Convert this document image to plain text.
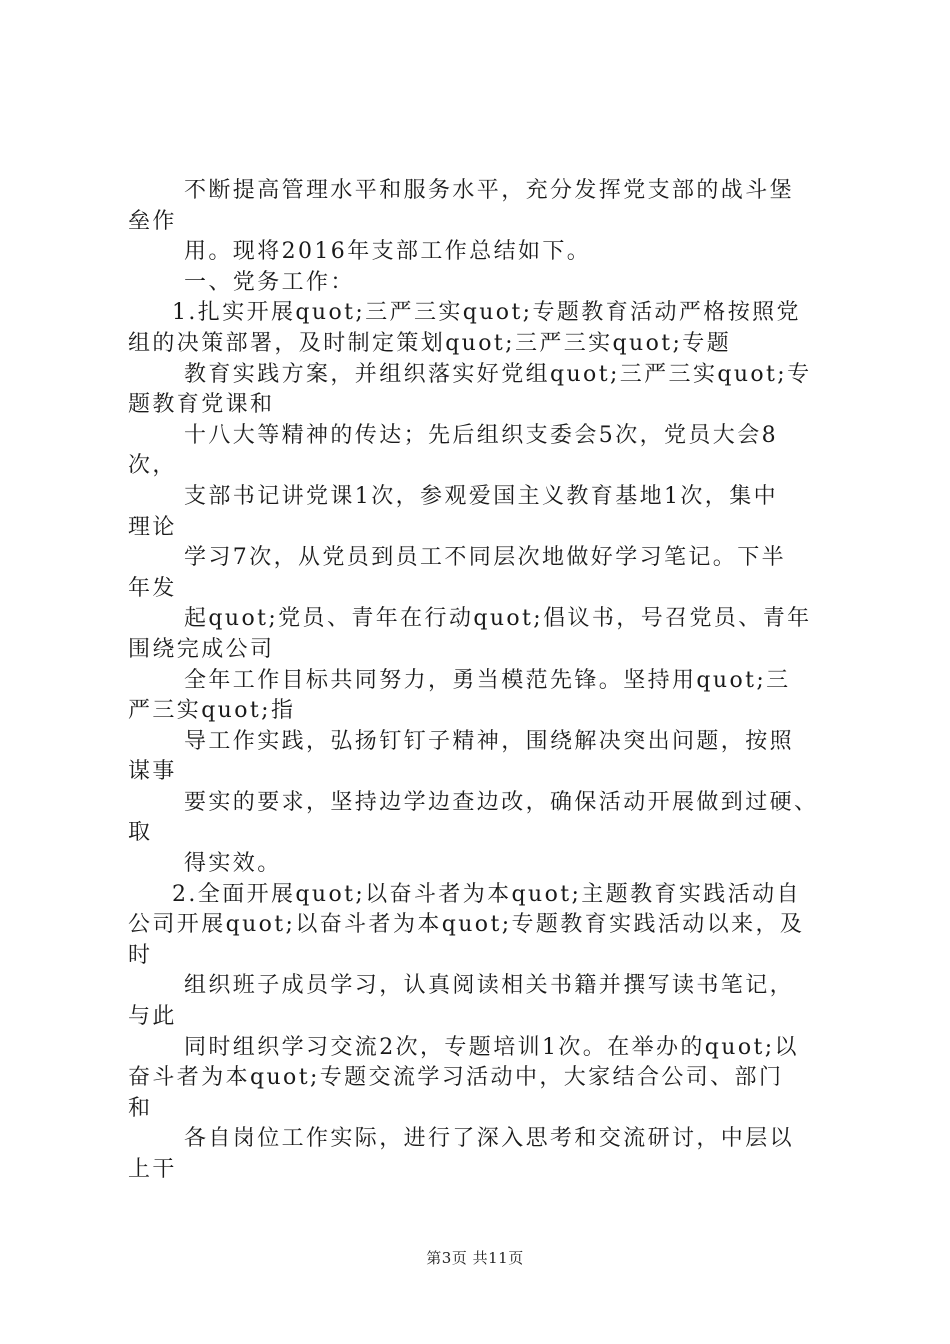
不断提高管理水平和服务水平，充分发挥党支部的战斗堡

垒作

用。现将2016年支部工作总结如下。

一、党务工作：

1.扎实开展quot;三严三实quot;专题教育活动严格按照党

组的决策部署，及时制定策划quot;三严三实quot;专题

教育实践方案，并组织落实好党组quot;三严三实quot;专

题教育党课和

十八大等精神的传达；先后组织支委会5次，党员大会8

次，

支部书记讲党课1次，参观爱国主义教育基地1次，集中

理论

学习7次，从党员到员工不同层次地做好学习笔记。下半

年发

起quot;党员、青年在行动quot;倡议书，号召党员、青年

围绕完成公司

全年工作目标共同努力，勇当模范先锋。坚持用quot;三

严三实quot;指

导工作实践，弘扬钉钉子精神，围绕解决突出问题，按照

谋事

要实的要求，坚持边学边查边改，确保活动开展做到过硬、

取

得实效。

2.全面开展quot;以奋斗者为本quot;主题教育实践活动自

公司开展quot;以奋斗者为本quot;专题教育实践活动以来，及

时

组织班子成员学习，认真阅读相关书籍并撰写读书笔记，

与此

同时组织学习交流2次，专题培训1次。在举办的quot;以

奋斗者为本quot;专题交流学习活动中，大家结合公司、部门

和

各自岗位工作实际，进行了深入思考和交流研讨，中层以

上干

第3页 共11页
